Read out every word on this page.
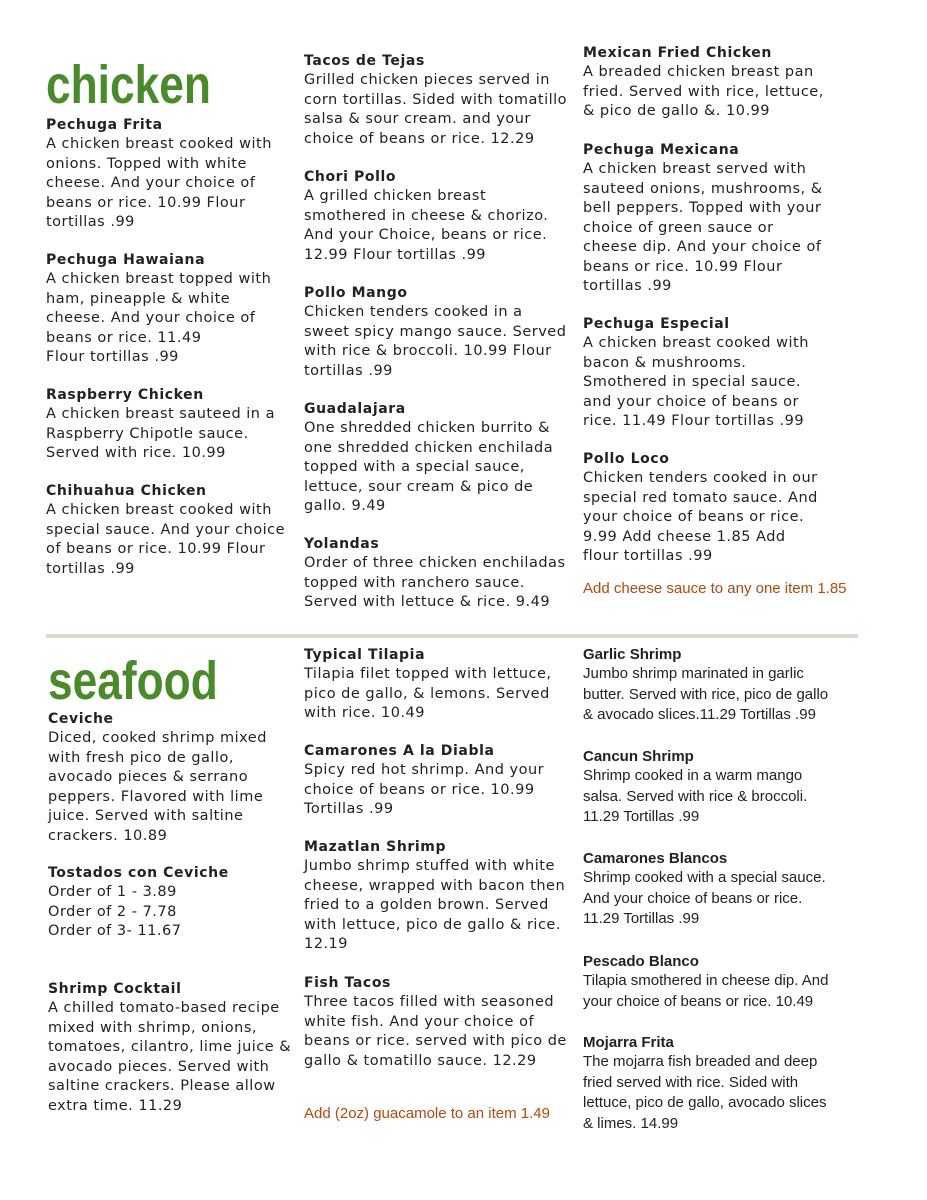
chicken

Pechuga Frita

A chicken breast cooked with
onions. Topped with white
cheese. And your choice of
beans or rice. 10.99 Flour
tortillas .99

Pechuga Hawaiana

A chicken breast topped with
ham, pineapple & white
cheese. And your choice of
beans or rice. 11.49
Flour tortillas .99

Raspberry Chicken

A chicken breast sauteed in a
Raspberry Chipotle sauce.
Served with rice. 10.99

Chihuahua Chicken

A chicken breast cooked with
special sauce. And your choice
of beans or rice. 10.99 Flour
tortillas .99

Tacos de Tejas

Grilled chicken pieces served in
corn tortillas. Sided with tomatillo
salsa & sour cream. and your
choice of beans or rice. 12.29

Chori Pollo

A grilled chicken breast
smothered in cheese & chorizo.
And your Choice, beans or rice.
12.99 Flour tortillas .99

Pollo Mango

Chicken tenders cooked in a
sweet spicy mango sauce. Served
with rice & broccoli. 10.99 Flour
tortillas .99

Guadalajara

One shredded chicken burrito &
one shredded chicken enchilada
topped with a special sauce,
lettuce, sour cream & pico de
gallo. 9.49

Yolandas

Order of three chicken enchiladas
topped with ranchero sauce.
Served with lettuce & rice. 9.49

Mexican Fried Chicken

A breaded chicken breast pan
fried. Served with rice, lettuce,
& pico de gallo &. 10.99

Pechuga Mexicana

A chicken breast served with
sauteed onions, mushrooms, &
bell peppers. Topped with your
choice of green sauce or
cheese dip. And your choice of
beans or rice. 10.99 Flour
tortillas .99

Pechuga Especial

A chicken breast cooked with
bacon & mushrooms.
Smothered in special sauce.
and your choice of beans or
rice. 11.49 Flour tortillas .99

Pollo Loco

Chicken tenders cooked in our
special red tomato sauce. And
your choice of beans or rice.
9.99 Add cheese 1.85 Add
flour tortillas .99

Add cheese sauce to any one item 1.85

seafood

Ceviche

Diced, cooked shrimp mixed
with fresh pico de gallo,
avocado pieces & serrano
peppers. Flavored with lime
juice. Served with saltine
crackers. 10.89

Tostados con Ceviche

Order of 1 - 3.89
Order of 2 - 7.78
Order of 3- 11.67

Shrimp Cocktail

A chilled tomato-based recipe
mixed with shrimp, onions,
tomatoes, cilantro, lime juice &
avocado pieces. Served with
saltine crackers. Please allow
extra time. 11.29

Typical Tilapia

Tilapia filet topped with lettuce,
pico de gallo, & lemons. Served
with rice. 10.49

Camarones A la Diabla

Spicy red hot shrimp. And your
choice of beans or rice. 10.99
Tortillas .99

Mazatlan Shrimp

Jumbo shrimp stuffed with white
cheese, wrapped with bacon then
fried to a golden brown. Served
with lettuce, pico de gallo & rice.
12.19

Fish Tacos

Three tacos filled with seasoned
white fish. And your choice of
beans or rice. served with pico de
gallo & tomatillo sauce. 12.29

Garlic Shrimp

Jumbo shrimp marinated in garlic
butter. Served with rice, pico de gallo
& avocado slices.11.29 Tortillas .99

Cancun Shrimp

Shrimp cooked in a warm mango
salsa. Served with rice & broccoli.
11.29 Tortillas .99

Camarones Blancos

Shrimp cooked with a special sauce.
And your choice of beans or rice.
11.29 Tortillas .99

Pescado Blanco

Tilapia smothered in cheese dip. And
your choice of beans or rice. 10.49

Mojarra Frita

The mojarra fish breaded and deep
fried served with rice. Sided with
lettuce, pico de gallo, avocado slices
& limes. 14.99

Add (2oz) guacamole to an item 1.49
